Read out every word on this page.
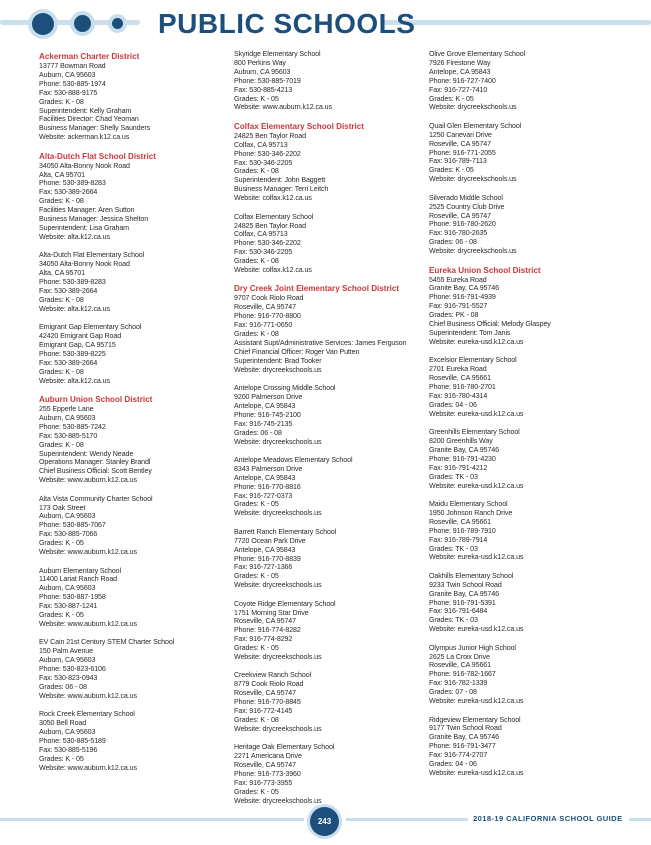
PUBLIC SCHOOLS
Ackerman Charter District
13777 Bowman Road
Auburn, CA 95603
Phone: 530-885-1974
Fax: 530-888-9175
Grades: K - 08
Superintendent: Kelly Graham
Facilities Director: Chad Yeoman
Business Manager: Shelly Saunders
Website: ackerman.k12.ca.us
Alta-Dutch Flat School District
34050 Alta-Bonny Nook Road
Alta, CA 95701
Phone: 530-389-8283
Fax: 530-389-2664
Grades: K - 08
Facilities Manager: Aren Sutton
Business Manager: Jessica Shelton
Superintendent: Lisa Graham
Website: alta.k12.ca.us
Alta-Dutch Flat Elementary School
34050 Alta-Bonny Nook Road
Alta, CA 95701
Phone: 530-389-8283
Fax: 530-389-2664
Grades: K - 08
Website: alta.k12.ca.us
Emigrant Gap Elementary School
42420 Emigrant Gap Road
Emigrant Gap, CA 95715
Phone: 530-389-8225
Fax: 530-389-2664
Grades: K - 08
Website: alta.k12.ca.us
Auburn Union School District
255 Epperle Lane
Auburn, CA 95603
Phone: 530-885-7242
Fax: 530-885-5170
Grades: K - 08
Superintendent: Wendy Neade
Operations Manager: Stanley Brandl
Chief Business Official: Scott Bentley
Website: www.auburn.k12.ca.us
Alta Vista Community Charter School
173 Oak Street
Auburn, CA 95603
Phone: 530-885-7067
Fax: 530-885-7066
Grades: K - 05
Website: www.auburn.k12.ca.us
Auburn Elementary School
11400 Lariat Ranch Road
Auburn, CA 95603
Phone: 530-887-1958
Fax: 530-887-1241
Grades: K - 05
Website: www.auburn.k12.ca.us
EV Cain 21st Century STEM Charter School
150 Palm Avenue
Auburn, CA 95603
Phone: 530-823-6106
Fax: 530-823-0943
Grades: 06 - 08
Website: www.auburn.k12.ca.us
Rock Creek Elementary School
3050 Bell Road
Auburn, CA 95603
Phone: 530-885-5189
Fax: 530-885-5196
Grades: K - 05
Website: www.auburn.k12.ca.us
Skyridge Elementary School
800 Perkins Way
Auburn, CA 95603
Phone: 530-885-7019
Fax: 530-885-4213
Grades: K - 05
Website: www.auburn.k12.ca.us
Colfax Elementary School District
24825 Ben Taylor Road
Colfax, CA 95713
Phone: 530-346-2202
Fax: 530-346-2205
Grades: K - 08
Superintendent: John Baggett
Business Manager: Terri Leitch
Website: colfax.k12.ca.us
Colfax Elementary School
24825 Ben Taylor Road
Colfax, CA 95713
Phone: 530-346-2202
Fax: 530-346-2205
Grades: K - 08
Website: colfax.k12.ca.us
Dry Creek Joint Elementary School District
9707 Cook Riolo Road
Roseville, CA 95747
Phone: 916-770-8800
Fax: 916-771-0650
Grades: K - 08
Assistant Supt/Administrative Services: James Ferguson
Chief Financial Officer: Roger Van Putten
Superintendent: Brad Tooker
Website: drycreekschools.us
Antelope Crossing Middle School
9200 Palmerson Drive
Antelope, CA 95843
Phone: 916-745-2100
Fax: 916-745-2135
Grades: 06 - 08
Website: drycreekschools.us
Antelope Meadows Elementary School
8343 Palmerson Drive
Antelope, CA 95843
Phone: 916-770-8816
Fax: 916-727-0373
Grades: K - 05
Website: drycreekschools.us
Barrett Ranch Elementary School
7720 Ocean Park Drive
Antelope, CA 95843
Phone: 916-770-8839
Fax: 916-727-1366
Grades: K - 05
Website: drycreekschools.us
Coyote Ridge Elementary School
1751 Morning Star Drive
Roseville, CA 95747
Phone: 916-774-8282
Fax: 916-774-8292
Grades: K - 05
Website: drycreekschools.us
Creekview Ranch School
8779 Cook Riolo Road
Roseville, CA 95747
Phone: 916-770-8845
Fax: 916-772-4145
Grades: K - 08
Website: drycreekschools.us
Heritage Oak Elementary School
2271 Americana Drive
Roseville, CA 95747
Phone: 916-773-3960
Fax: 916-773-3955
Grades: K - 05
Website: drycreekschools.us
Olive Grove Elementary School
7926 Firestone Way
Antelope, CA 95843
Phone: 916-727-7400
Fax: 916-727-7410
Grades: K - 05
Website: drycreekschools.us
Quail Glen Elementary School
1250 Canevari Drive
Roseville, CA 95747
Phone: 916-771-2055
Fax: 916-789-7113
Grades: K - 05
Website: drycreekschools.us
Silverado Middle School
2525 Country Club Drive
Roseville, CA 95747
Phone: 916-780-2620
Fax: 916-780-2635
Grades: 06 - 08
Website: drycreekschools.us
Eureka Union School District
5455 Eureka Road
Granite Bay, CA 95746
Phone: 916-791-4939
Fax: 916-791-5527
Grades: PK - 08
Chief Business Official: Melody Glaspey
Superintendent: Tom Janis
Website: eureka-usd.k12.ca.us
Excelsior Elementary School
2701 Eureka Road
Roseville, CA 95661
Phone: 916-780-2701
Fax: 916-780-4314
Grades: 04 - 06
Website: eureka-usd.k12.ca.us
Greenhills Elementary School
8200 Greenhills Way
Granite Bay, CA 95746
Phone: 916-791-4230
Fax: 916-791-4212
Grades: TK - 03
Website: eureka-usd.k12.ca.us
Maidu Elementary School
1950 Johnson Ranch Drive
Roseville, CA 95661
Phone: 916-789-7910
Fax: 916-789-7914
Grades: TK - 03
Website: eureka-usd.k12.ca.us
Oakhills Elementary School
9233 Twin School Road
Granite Bay, CA 95746
Phone: 916-791-5391
Fax: 916-791-6484
Grades: TK - 03
Website: eureka-usd.k12.ca.us
Olympus Junior High School
2625 La Croix Drive
Roseville, CA 95661
Phone: 916-782-1667
Fax: 916-782-1339
Grades: 07 - 08
Website: eureka-usd.k12.ca.us
Ridgeview Elementary School
9177 Twin School Road
Granite Bay, CA 95746
Phone: 916-791-3477
Fax: 916-774-2707
Grades: 04 - 06
Website: eureka-usd.k12.ca.us
243	2018-19 CALIFORNIA SCHOOL GUIDE
